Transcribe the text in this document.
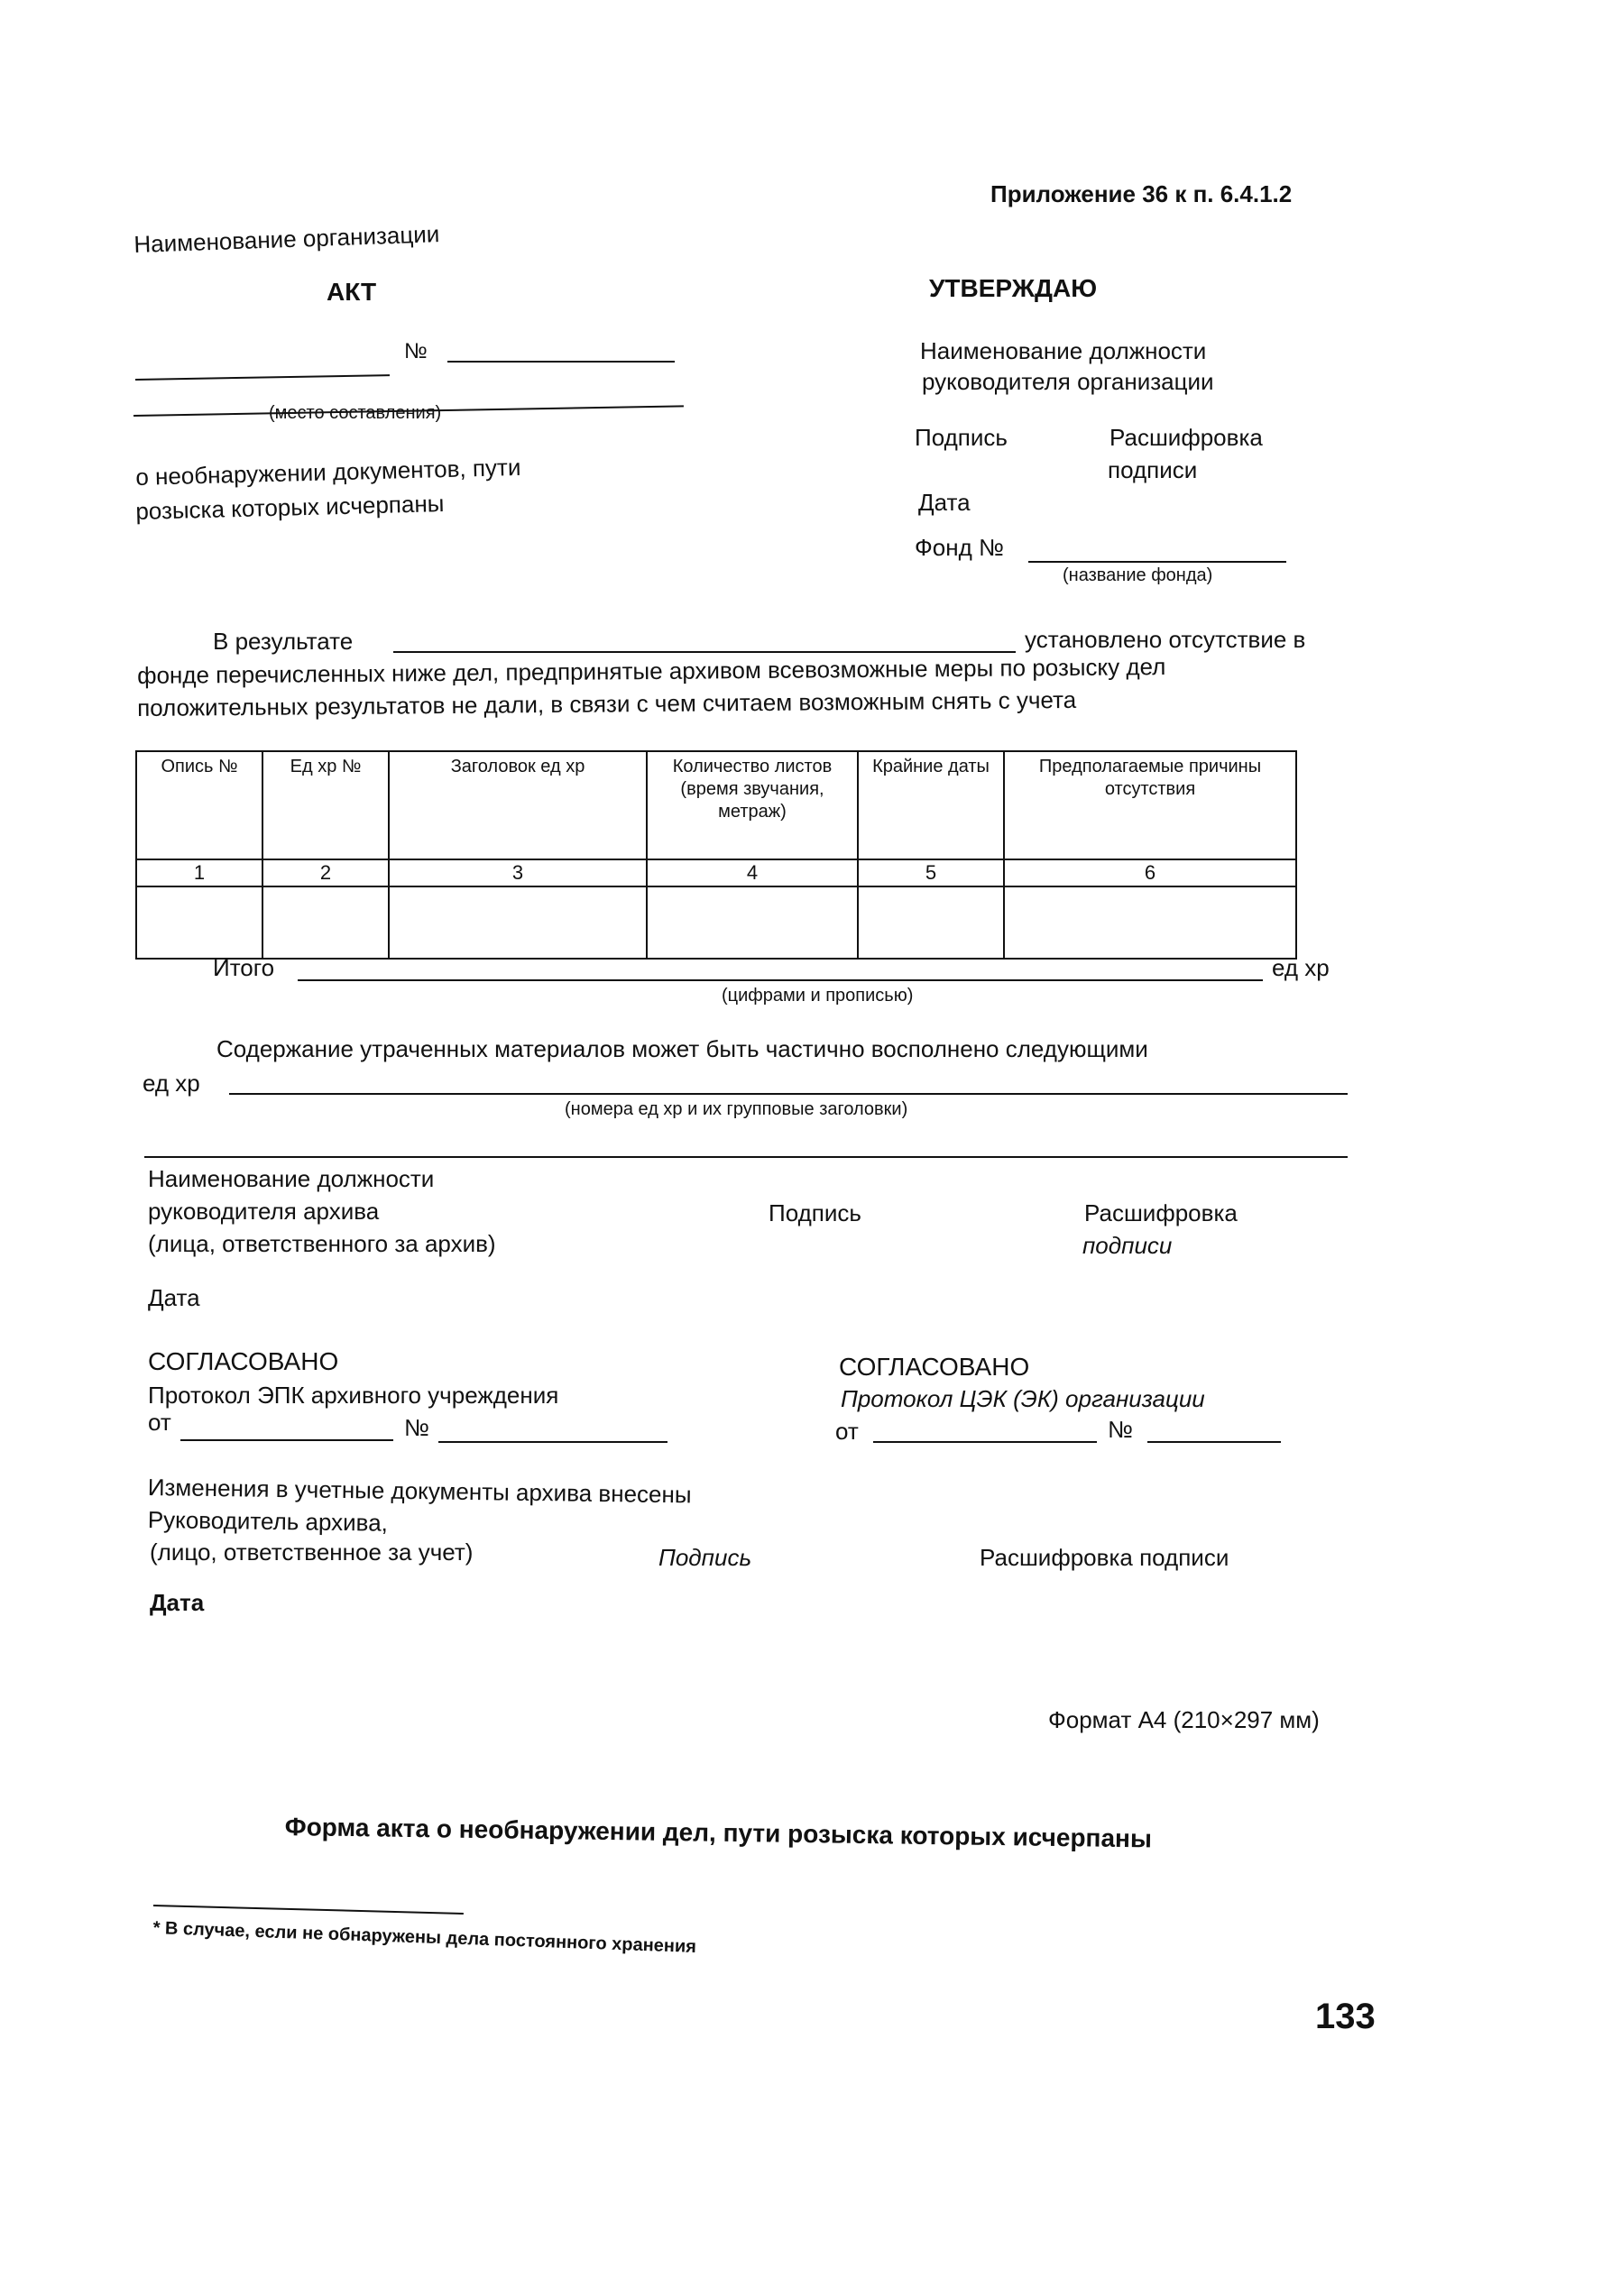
Приложение 36 к п. 6.4.1.2
Наименование организации
АКТ
№
(место составления)
о необнаружении документов, пути
розыска которых исчерпаны
УТВЕРЖДАЮ
Наименование должности
руководителя организации
Подпись	Расшифровка
подписи
Дата
Фонд №
(название фонда)
В результате	установлено отсутствие в
фонде перечисленных ниже дел, предпринятые архивом всевозможные меры по розыску дел
положительных результатов не дали, в связи с чем считаем возможным снять с учета
Опись №	Ед хр №	Заголовок ед хр	Количество листов (время звучания, метраж)	Крайние даты	Предполагаемые причины отсутствия
1	2	3	4	5	6

Итого	ед хр
(цифрами и прописью)
Содержание утраченных материалов может быть частично восполнено следующими
ед хр
(номера ед хр и их групповые заголовки)
Наименование должности
руководителя архива
(лица, ответственного за архив)
Подпись	Расшифровка
подписи
Дата
СОГЛАСОВАНО
Протокол ЭПК архивного учреждения
от	№
СОГЛАСОВАНО
Протокол ЦЭК (ЭК) организации
от	№
Изменения в учетные документы архива внесены
Руководитель архива,
(лицо, ответственное за учет)	Подпись	Расшифровка подписи
Дата
Формат А4 (210×297 мм)
Форма акта о необнаружении дел, пути розыска которых исчерпаны
* В случае, если не обнаружены дела постоянного хранения
133
